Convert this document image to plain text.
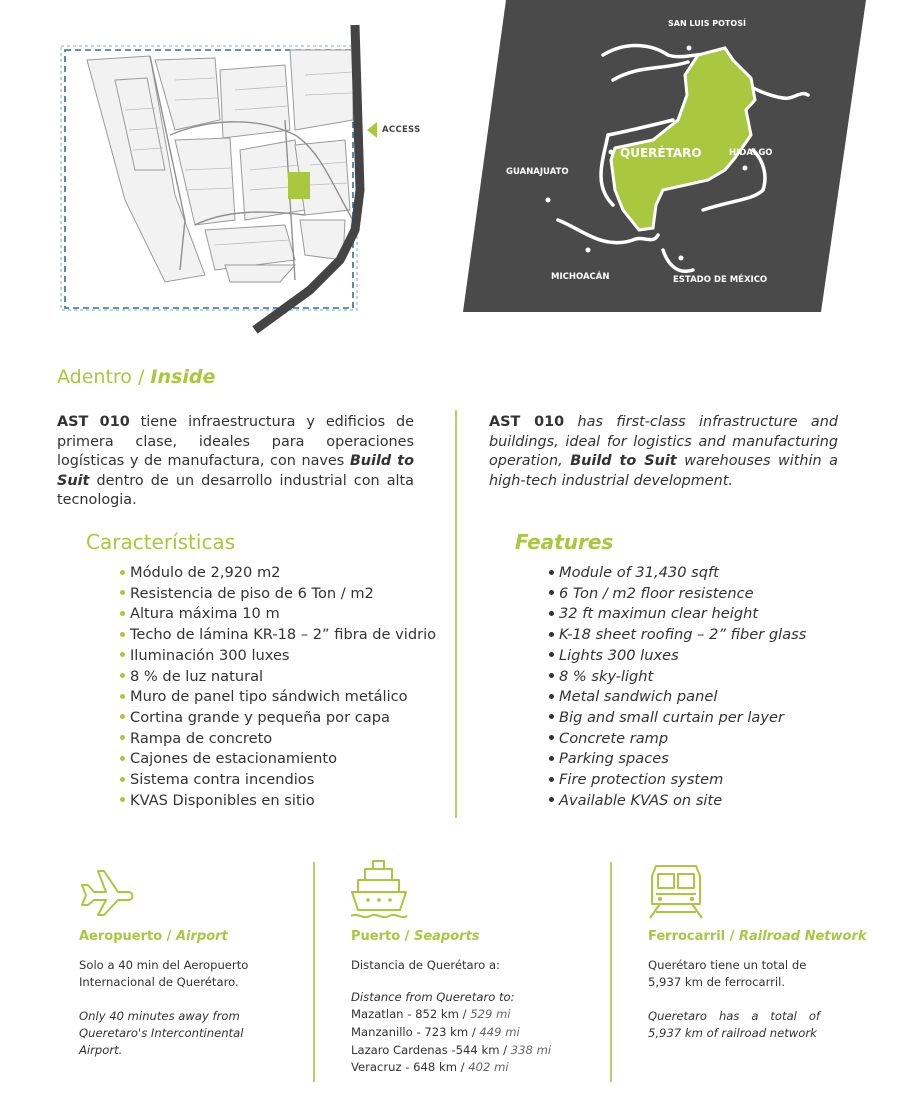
ACCESS
SAN LUIS POTOSÍ
QUERÉTARO	HIDALGO
GUANAJUATO
MICHOACÁN	ESTADO DE MÉXICO
Adentro / Inside
AST 010 tiene infraestructura y edificios de primera clase, ideales para operaciones logísticas y de manufactura, con naves Build to Suit dentro de un desarrollo industrial con alta tecnologia.
AST 010 has first-class infrastructure and buildings, ideal for logistics and manufacturing operation, Build to Suit warehouses within a high-tech industrial development.
Características
Módulo de 2,920 m2
Resistencia de piso de 6 Ton / m2
Altura máxima 10 m
Techo de lámina KR-18 – 2” fibra de vidrio
Iluminación 300 luxes
8 % de luz natural
Muro de panel tipo sándwich metálico
Cortina grande y pequeña por capa
Rampa de concreto
Cajones de estacionamiento
Sistema contra incendios
KVAS Disponibles en sitio
Features
Module of 31,430 sqft
6 Ton / m2 floor resistence
32 ft maximun clear height
K-18 sheet roofing – 2” fiber glass
Lights 300 luxes
8 % sky-light
Metal sandwich panel
Big and small curtain per layer
Concrete ramp
Parking spaces
Fire protection system
Available KVAS on site
Aeropuerto / Airport
Solo a 40 min del Aeropuerto Internacional de Querétaro.
Only 40 minutes away from Queretaro's Intercontinental Airport.
Puerto / Seaports
Distancia de Querétaro a:
Distance from Queretaro to:
Mazatlan - 852 km / 529 mi
Manzanillo - 723 km / 449 mi
Lazaro Cardenas -544 km / 338 mi
Veracruz - 648 km / 402 mi
Ferrocarril / Railroad Network
Querétaro tiene un total de 5,937 km de ferrocarril.
Queretaro has a total of 5,937 km of railroad network
